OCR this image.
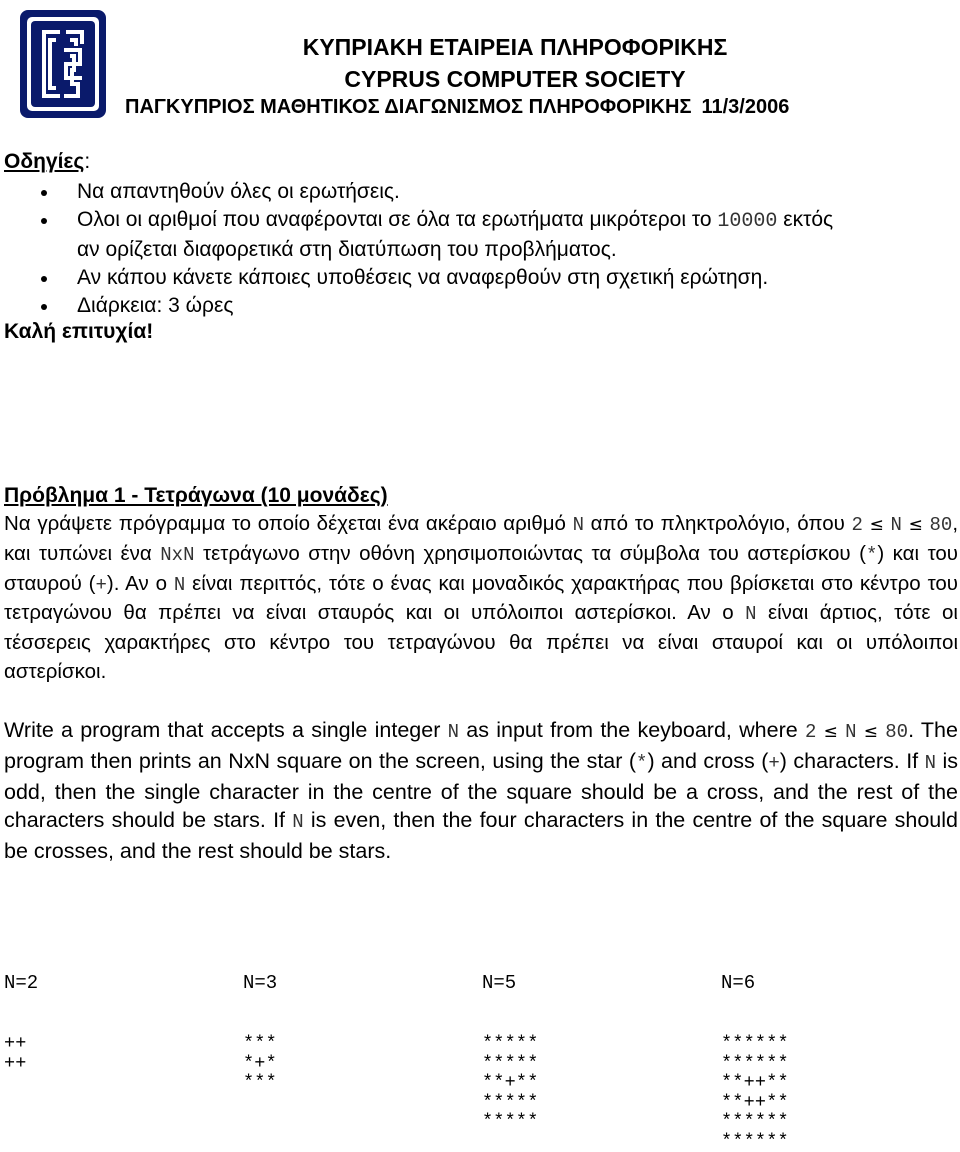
ΚΥΠΡΙΑΚΗ ΕΤΑΙΡΕΙΑ ΠΛΗΡΟΦΟΡΙΚΗΣ
CYPRUS COMPUTER SOCIETY
ΠΑΓΚΥΠΡΙΟΣ ΜΑΘΗΤΙΚΟΣ ΔΙΑΓΩΝΙΣΜΟΣ ΠΛΗΡΟΦΟΡΙΚΗΣ 11/3/2006
Οδηγίες:
Να απαντηθούν όλες οι ερωτήσεις.
Ολοι οι αριθμοί που αναφέρονται σε όλα τα ερωτήματα μικρότεροι το 10000 εκτός
αν ορίζεται διαφορετικά στη διατύπωση του προβλήματος.
Αν κάπου κάνετε κάποιες υποθέσεις να αναφερθούν στη σχετική ερώτηση.
Διάρκεια: 3 ώρες
Καλή επιτυχία!
Πρόβλημα 1 - Τετράγωνα (10 μονάδες)
Να γράψετε πρόγραμμα το οποίο δέχεται ένα ακέραιο αριθμό N από το πληκτρολόγιο, όπου 2 ≤ N ≤ 80, και τυπώνει ένα NxN τετράγωνο στην οθόνη χρησιμοποιώντας τα σύμβολα του αστερίσκου (*) και του σταυρού (+). Αν ο N είναι περιττός, τότε ο ένας και μοναδικός χαρακτήρας που βρίσκεται στο κέντρο του τετραγώνου θα πρέπει να είναι σταυρός και οι υπόλοιποι αστερίσκοι. Αν ο N είναι άρτιος, τότε οι τέσσερεις χαρακτήρες στο κέντρο του τετραγώνου θα πρέπει να είναι σταυροί και οι υπόλοιποι αστερίσκοι.
Write a program that accepts a single integer N as input from the keyboard, where 2 ≤ N ≤ 80. The program then prints an NxN square on the screen, using the star (*) and cross (+) characters. If N is odd, then the single character in the centre of the square should be a cross, and the rest of the characters should be stars. If N is even, then the four characters in the centre of the square should be crosses, and the rest should be stars.
N=2
++
++
N=3
***
*+*
***
N=5
*****
*****
**+**
*****
*****
N=6
******
******
**++**
**++**
******
******
